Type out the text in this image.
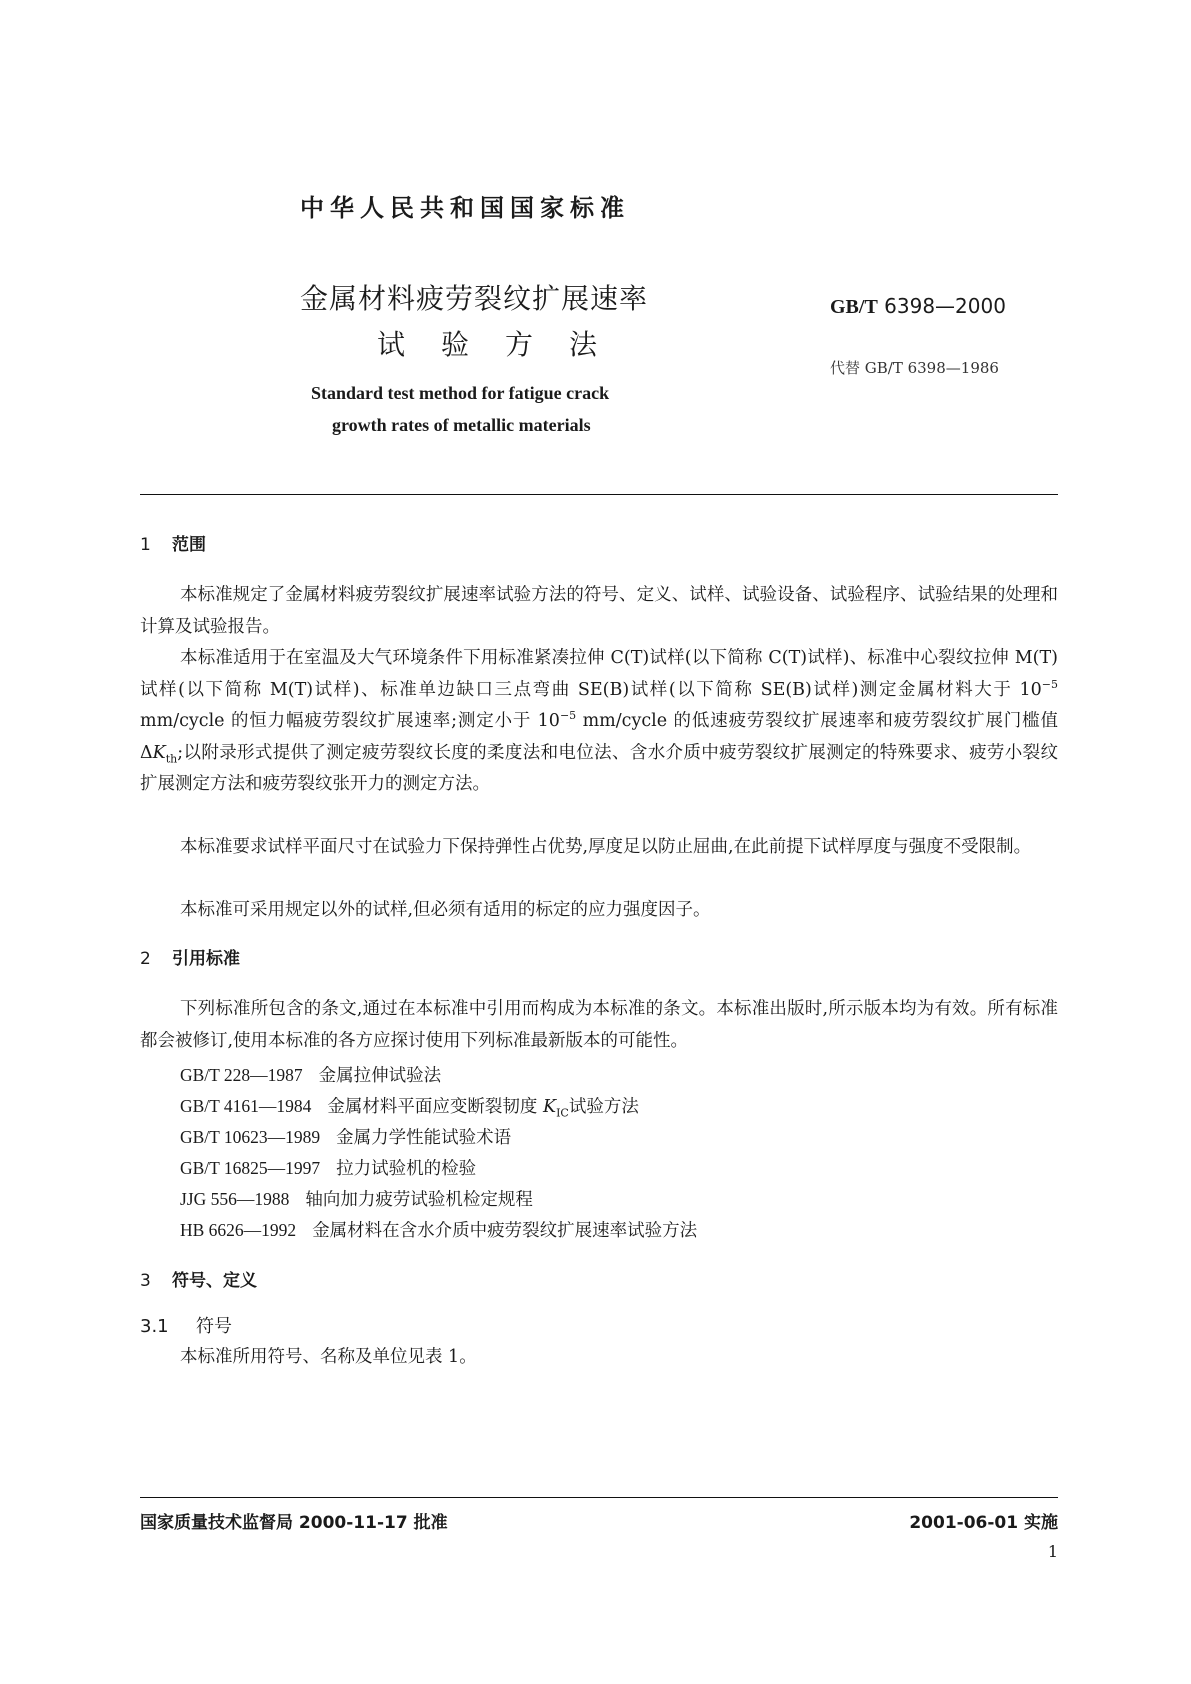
中华人民共和国国家标准
金属材料疲劳裂纹扩展速率
试验方法
Standard test method for fatigue crack
growth rates of metallic materials
GB/T 6398—2000
代替 GB/T 6398—1986
1 范围
本标准规定了金属材料疲劳裂纹扩展速率试验方法的符号、定义、试样、试验设备、试验程序、试验结果的处理和计算及试验报告。
本标准适用于在室温及大气环境条件下用标准紧凑拉伸 C(T)试样(以下简称 C(T)试样)、标准中心裂纹拉伸 M(T)试样(以下简称 M(T)试样)、标准单边缺口三点弯曲 SE(B)试样(以下简称 SE(B)试样)测定金属材料大于 $10^{-5}$ mm/cycle 的恒力幅疲劳裂纹扩展速率;测定小于 $10^{-5}$ mm/cycle 的低速疲劳裂纹扩展速率和疲劳裂纹扩展门槛值 $\Delta K_{th}$;以附录形式提供了测定疲劳裂纹长度的柔度法和电位法、含水介质中疲劳裂纹扩展测定的特殊要求、疲劳小裂纹扩展测定方法和疲劳裂纹张开力的测定方法。
本标准要求试样平面尺寸在试验力下保持弹性占优势,厚度足以防止屈曲,在此前提下试样厚度与强度不受限制。
本标准可采用规定以外的试样,但必须有适用的标定的应力强度因子。
2 引用标准
下列标准所包含的条文,通过在本标准中引用而构成为本标准的条文。本标准出版时,所示版本均为有效。所有标准都会被修订,使用本标准的各方应探讨使用下列标准最新版本的可能性。
GB/T 228—1987 金属拉伸试验法
GB/T 4161—1984 金属材料平面应变断裂韧度 $K_{IC}$试验方法
GB/T 10623—1989 金属力学性能试验术语
GB/T 16825—1997 拉力试验机的检验
JJG 556—1988 轴向加力疲劳试验机检定规程
HB 6626—1992 金属材料在含水介质中疲劳裂纹扩展速率试验方法
3 符号、定义
3.1 符号
本标准所用符号、名称及单位见表 1。
国家质量技术监督局 2000-11-17 批准	2001-06-01 实施
1
